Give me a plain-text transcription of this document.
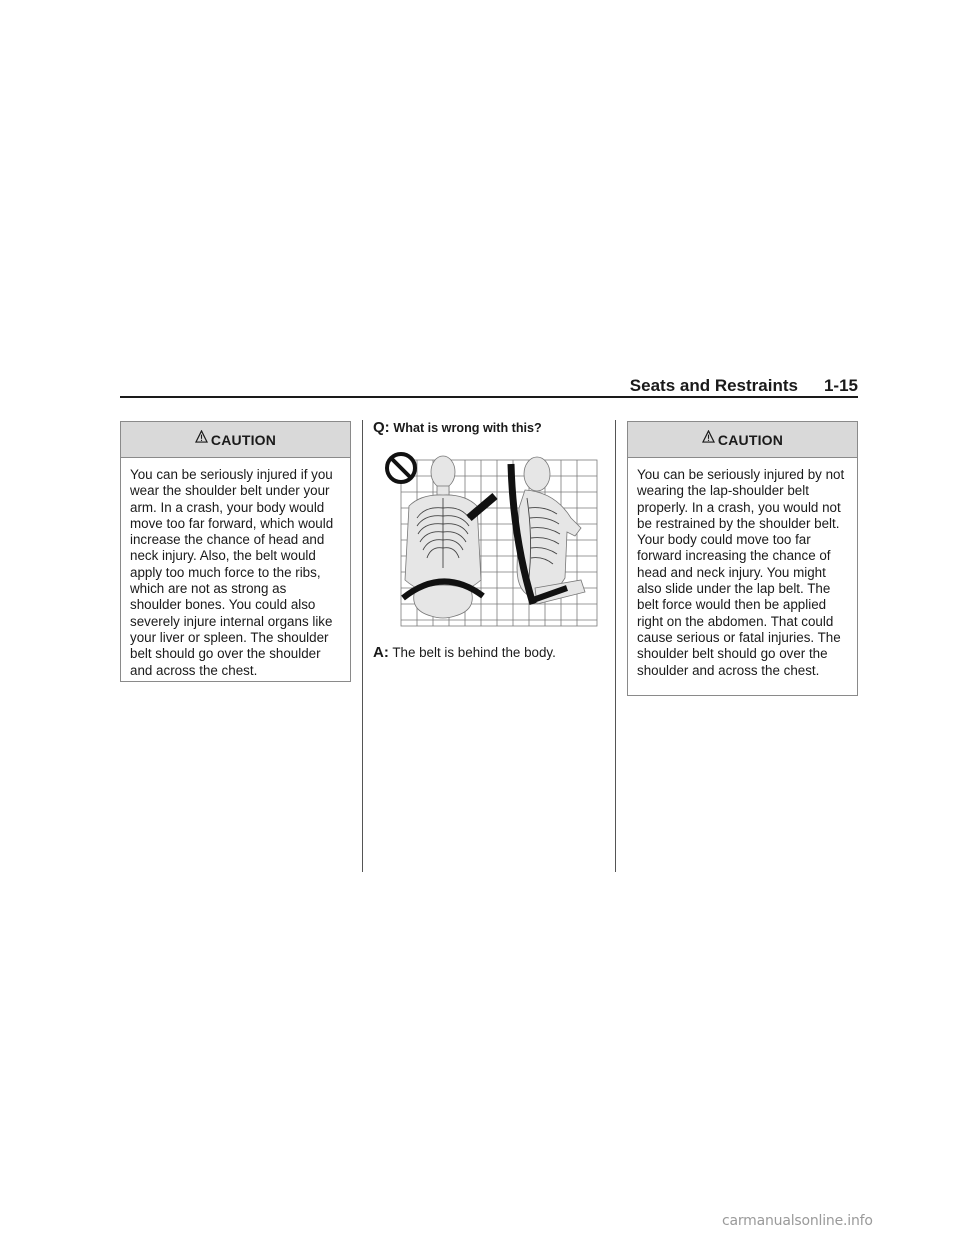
Seats and Restraints 1-15
CAUTION
You can be seriously injured if you wear the shoulder belt under your arm. In a crash, your body would move too far forward, which would increase the chance of head and neck injury. Also, the belt would apply too much force to the ribs, which are not as strong as shoulder bones. You could also severely injure internal organs like your liver or spleen. The shoulder belt should go over the shoulder and across the chest.
Q: What is wrong with this?
A: The belt is behind the body.
CAUTION
You can be seriously injured by not wearing the lap-shoulder belt properly. In a crash, you would not be restrained by the shoulder belt. Your body could move too far forward increasing the chance of head and neck injury. You might also slide under the lap belt. The belt force would then be applied right on the abdomen. That could cause serious or fatal injuries. The shoulder belt should go over the shoulder and across the chest.
carmanualsonline.info
